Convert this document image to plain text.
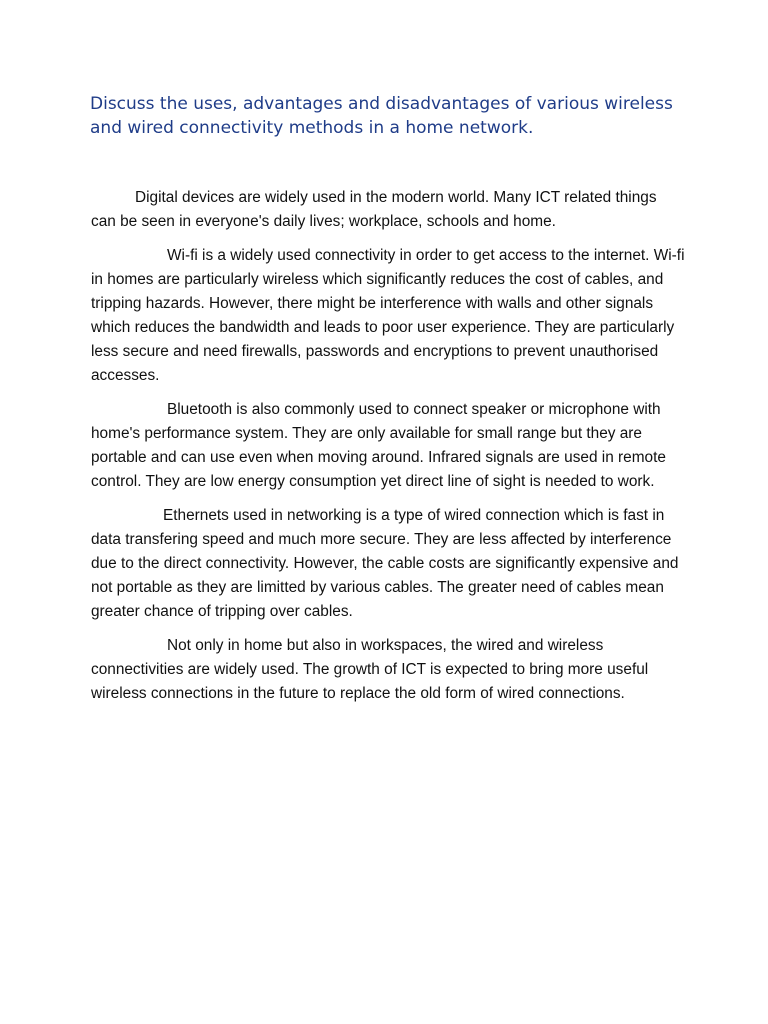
Discuss the uses, advantages and disadvantages of various wireless and wired connectivity methods in a home network.

Digital devices are widely used in the modern world. Many ICT related things can be seen in everyone's daily lives; workplace, schools and home.

Wi-fi is a widely used connectivity in order to get access to the internet. Wi-fi in homes are particularly wireless which significantly reduces the cost of cables, and tripping hazards. However, there might be interference with walls and other signals which reduces the bandwidth and leads to poor user experience. They are particularly less secure and need firewalls, passwords and encryptions to prevent unauthorised accesses.

Bluetooth is also commonly used to connect speaker or microphone with home's performance system. They are only available for small range but they are portable and can use even when moving around. Infrared signals are used in remote control. They are low energy consumption yet direct line of sight is needed to work.

Ethernets used in networking is a type of wired connection which is fast in data transfering speed and much more secure. They are less affected by interference due to the direct connectivity. However, the cable costs are significantly expensive and not portable as they are limitted by various cables. The greater need of cables mean greater chance of tripping over cables.

Not only in home but also in workspaces, the wired and wireless connectivities are widely used. The growth of ICT is expected to bring more useful wireless connections in the future to replace the old form of wired connections.
